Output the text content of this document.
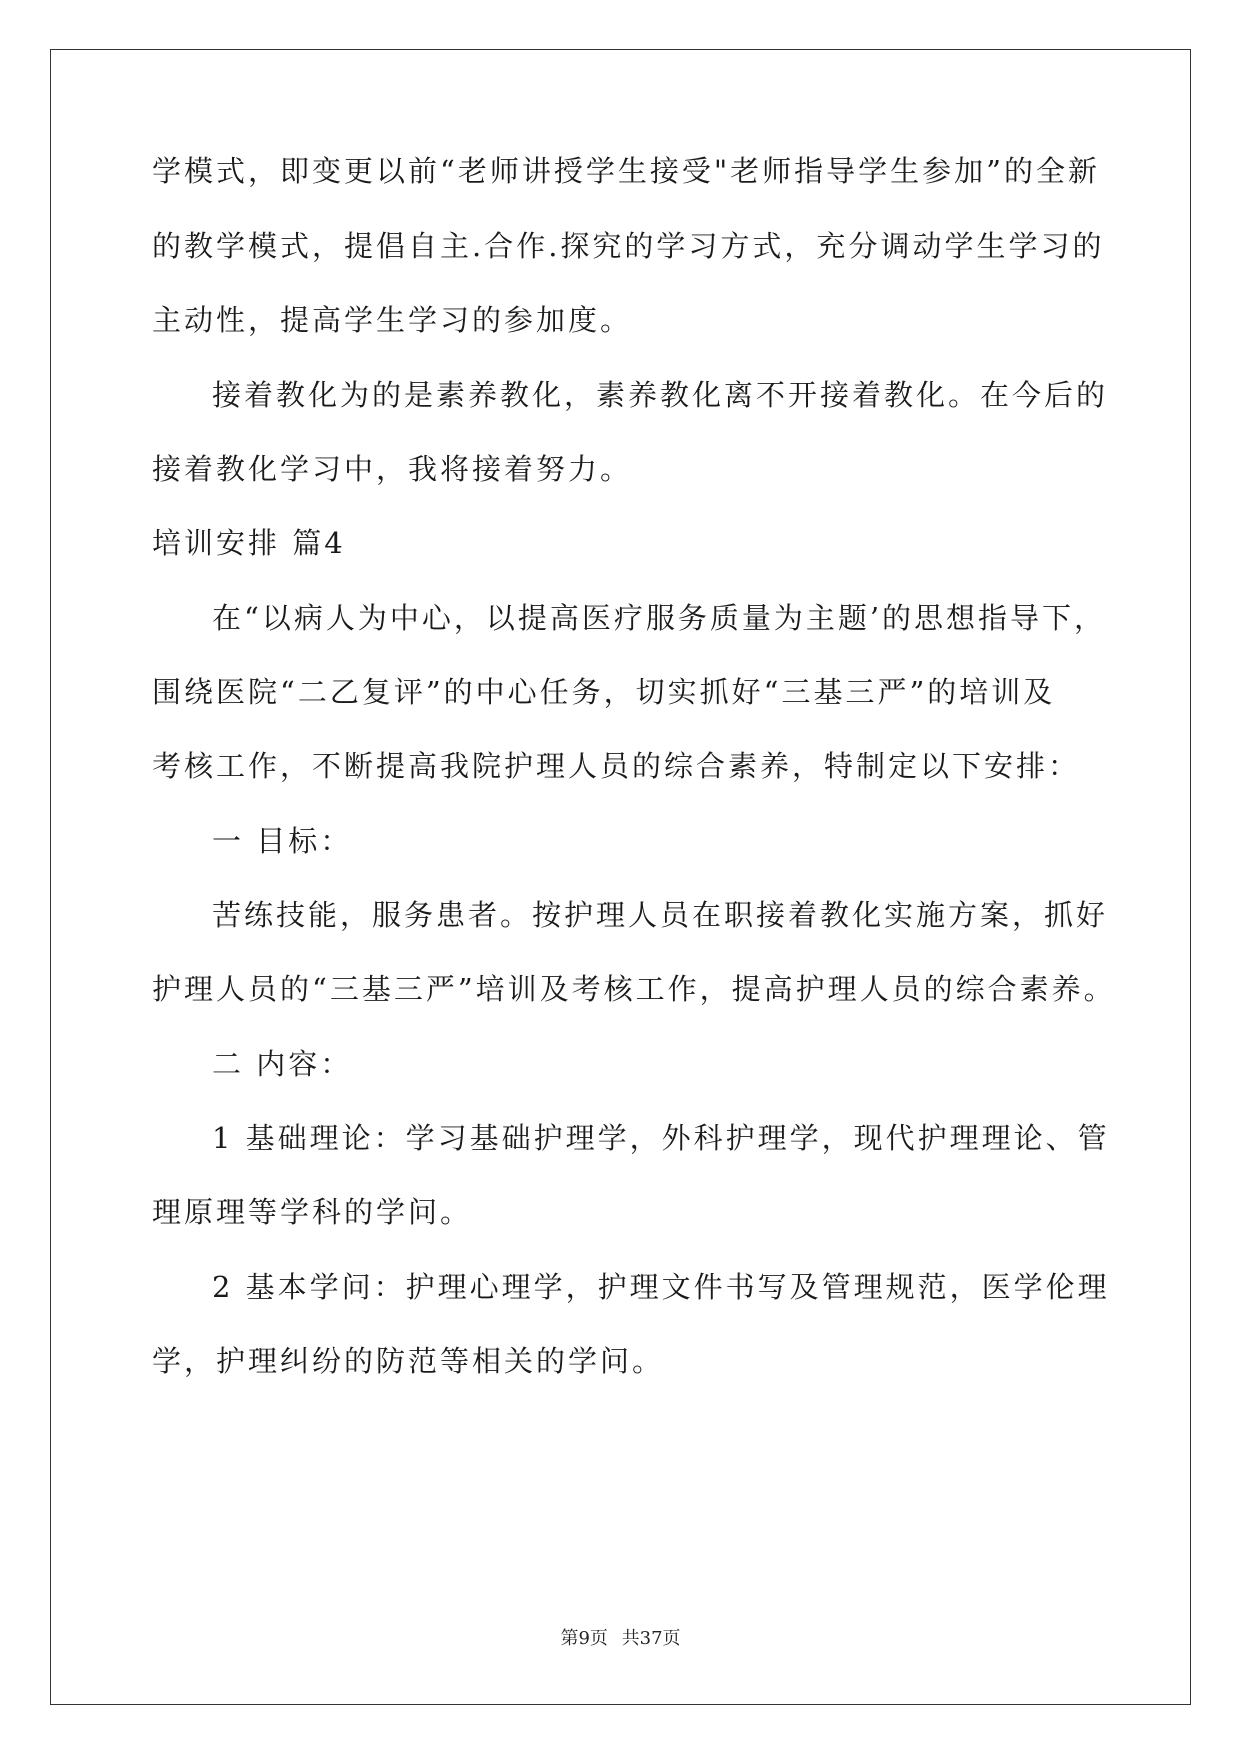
学模式，即变更以前“老师讲授学生接受"老师指导学生参加”的全新
的教学模式，提倡自主.合作.探究的学习方式，充分调动学生学习的
主动性，提高学生学习的参加度。
接着教化为的是素养教化，素养教化离不开接着教化。在今后的
接着教化学习中，我将接着努力。
培训安排 篇4
在“以病人为中心，以提高医疗服务质量为主题’的思想指导下，
围绕医院“二乙复评”的中心任务，切实抓好“三基三严”的培训及
考核工作，不断提高我院护理人员的综合素养，特制定以下安排：
一 目标：
苦练技能，服务患者。按护理人员在职接着教化实施方案，抓好
护理人员的“三基三严”培训及考核工作，提高护理人员的综合素养。
二 内容：
1 基础理论：学习基础护理学，外科护理学，现代护理理论、管
理原理等学科的学问。
2 基本学问：护理心理学，护理文件书写及管理规范，医学伦理
学，护理纠纷的防范等相关的学问。
第9页 共37页
